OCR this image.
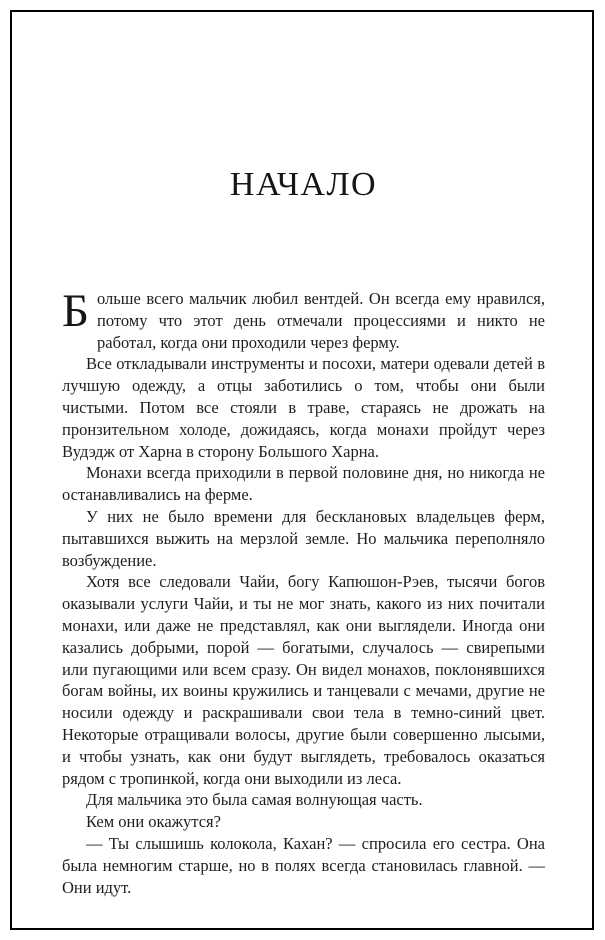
НАЧАЛО

Больше всего мальчик любил вентдей. Он всегда ему нравился, потому что этот день отмечали процессиями и никто не работал, когда они проходили через ферму.

Все откладывали инструменты и посохи, матери одевали детей в лучшую одежду, а отцы заботились о том, чтобы они были чистыми. Потом все стояли в траве, стараясь не дрожать на пронзительном холоде, дожидаясь, когда монахи пройдут через Вудэдж от Харна в сторону Большого Харна.

Монахи всегда приходили в первой половине дня, но никогда не останавливались на ферме.

У них не было времени для бесклановых владельцев ферм, пытавшихся выжить на мерзлой земле. Но мальчика переполняло возбуждение.

Хотя все следовали Чайи, богу Капюшон-Рэев, тысячи богов оказывали услуги Чайи, и ты не мог знать, какого из них почитали монахи, или даже не представлял, как они выглядели. Иногда они казались добрыми, порой — богатыми, случалось — свирепыми или пугающими или всем сразу. Он видел монахов, поклонявшихся богам войны, их воины кружились и танцевали с мечами, другие не носили одежду и раскрашивали свои тела в темно-синий цвет. Некоторые отращивали волосы, другие были совершенно лысыми, и чтобы узнать, как они будут выглядеть, требовалось оказаться рядом с тропинкой, когда они выходили из леса.

Для мальчика это была самая волнующая часть.

Кем они окажутся?

— Ты слышишь колокола, Кахан? — спросила его сестра. Она была немногим старше, но в полях всегда становилась главной. — Они идут.
